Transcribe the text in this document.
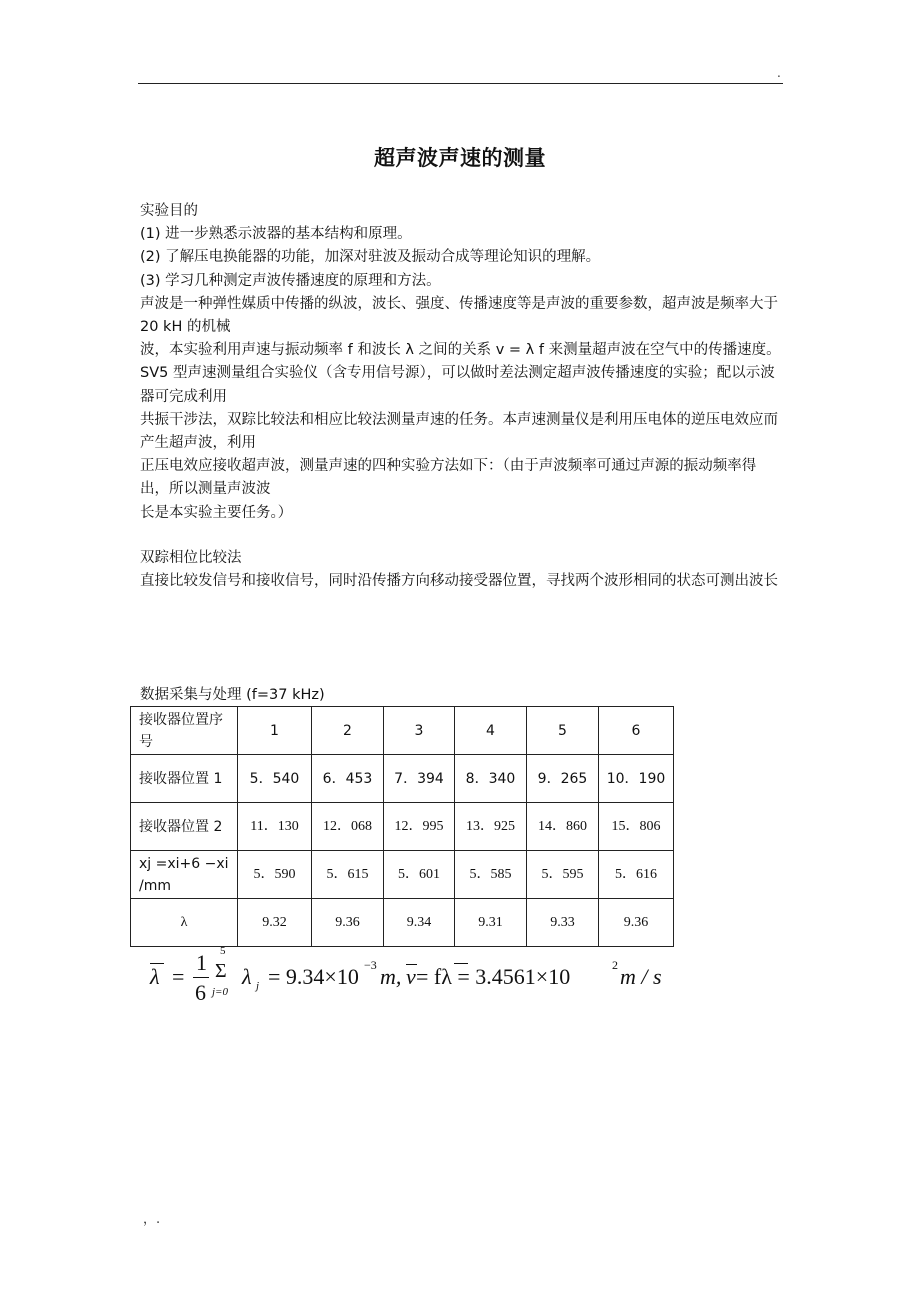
.
超声波声速的测量

实验目的

(1) 进一步熟悉示波器的基本结构和原理。

(2) 了解压电换能器的功能，加深对驻波及振动合成等理论知识的理解。

(3) 学习几种测定声波传播速度的原理和方法。

声波是一种弹性媒质中传播的纵波，波长、强度、传播速度等是声波的重要参数，超声波是频率大于 20 kH 的机械

波，本实验利用声速与振动频率 f 和波长 λ 之间的关系 v = λ f 来测量超声波在空气中的传播速度。

SV5 型声速测量组合实验仪（含专用信号源），可以做时差法测定超声波传播速度的实验；配以示波器可完成利用

共振干涉法，双踪比较法和相应比较法测量声速的任务。本声速测量仪是利用压电体的逆压电效应而产生超声波，利用

正压电效应接收超声波，测量声速的四种实验方法如下：（由于声波频率可通过声源的振动频率得出，所以测量声波波

长是本实验主要任务。）

双踪相位比较法

直接比较发信号和接收信号，同时沿传播方向移动接受器位置，寻找两个波形相同的状态可测出波长

数据采集与处理 (f=37 kHz)
接收器位置序号	1	2	3	4	5	6
接收器位置 1	5．540	6．453	7．394	8．340	9．265	10．190
接收器位置 2	11．130	12．068	12．995	13．925	14．860	15．806
xj =xi+6 −xi /mm	5．590	5．615	5．601	5．585	5．595	5．616
λ	9.32	9.36	9.34	9.31	9.33	9.36
λ =
1
6
5
Σ
j=0
λ j = 9.34×10 −3 m, v = fλ = 3.4561×10	2 m / s
，.
